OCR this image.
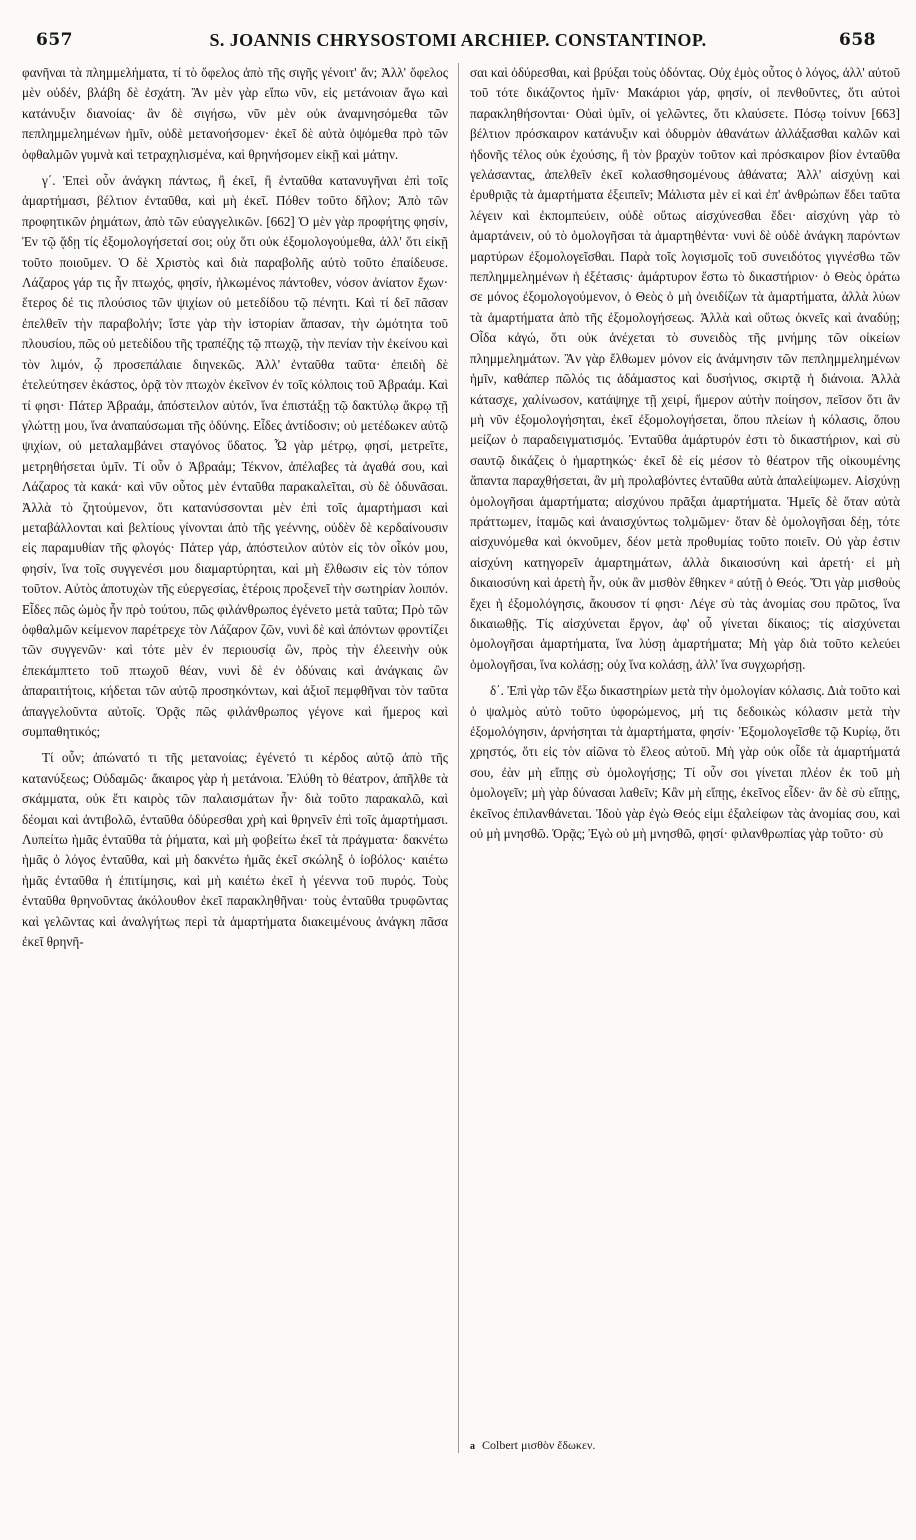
657	S. JOANNIS CHRYSOSTOMI ARCHIEP. CONSTANTINOP.	658

φανῆναι τὰ πλημμελήματα, τί τὸ ὄφελος ἀπὸ τῆς σιγῆς γένοιτ' ἄν; Ἀλλ' ὄφελος μὲν οὐδέν, βλάβη δὲ ἐσχάτη. Ἂν μὲν γὰρ εἴπω νῦν, εἰς μετάνοιαν ἄγω καὶ κατάνυξιν διανοίας· ἂν δὲ σιγήσω, νῦν μὲν οὐκ ἀναμνησόμεθα τῶν πεπλημμελημένων ἡμῖν, οὐδὲ μετανοήσομεν· ἐκεῖ δὲ αὐτὰ ὀψόμεθα πρὸ τῶν ὀφθαλμῶν γυμνὰ καὶ τετραχηλισμένα, καὶ θρηνήσομεν εἰκῇ καὶ μάτην.

γ΄. Ἐπεὶ οὖν ἀνάγκη πάντως, ἢ ἐκεῖ, ἢ ἐνταῦθα κατανυγῆναι ἐπὶ τοῖς ἁμαρτήμασι, βέλτιον ἐνταῦθα, καὶ μὴ ἐκεῖ. Πόθεν τοῦτο δῆλον; Ἀπὸ τῶν προφητικῶν ῥημάτων, ἀπὸ τῶν εὐαγγελικῶν. [662] Ὁ μὲν γὰρ προφήτης φησίν, Ἐν τῷ ᾅδῃ τίς ἐξομολογήσεταί σοι; οὐχ ὅτι οὐκ ἐξομολογούμεθα, ἀλλ' ὅτι εἰκῇ τοῦτο ποιοῦμεν. Ὁ δὲ Χριστὸς καὶ διὰ παραβολῆς αὐτὸ τοῦτο ἐπαίδευσε. Λάζαρος γάρ τις ἦν πτωχός, φησίν, ἡλκωμένος πάντοθεν, νόσον ἀνίατον ἔχων· ἕτερος δέ τις πλούσιος τῶν ψιχίων οὐ μετεδίδου τῷ πένητι. Καὶ τί δεῖ πᾶσαν ἐπελθεῖν τὴν παραβολήν; ἴστε γὰρ τὴν ἱστορίαν ἅπασαν, τὴν ὠμότητα τοῦ πλουσίου, πῶς οὐ μετεδίδου τῆς τραπέζης τῷ πτωχῷ, τὴν πενίαν τὴν ἐκείνου καὶ τὸν λιμόν, ᾧ προσεπάλαιε διηνεκῶς. Ἀλλ' ἐνταῦθα ταῦτα· ἐπειδὴ δὲ ἐτελεύτησεν ἑκάστος, ὁρᾷ τὸν πτωχὸν ἐκεῖνον ἐν τοῖς κόλποις τοῦ Ἀβραάμ. Καὶ τί φησι· Πάτερ Ἀβραάμ, ἀπόστειλον αὐτόν, ἵνα ἐπιστάξῃ τῷ δακτύλῳ ἄκρῳ τῇ γλώττῃ μου, ἵνα ἀναπαύσωμαι τῆς ὀδύνης. Εἶδες ἀντίδοσιν; οὐ μετέδωκεν αὐτῷ ψιχίων, οὐ μεταλαμβάνει σταγόνος ὕδατος. Ὧ γὰρ μέτρῳ, φησί, μετρεῖτε, μετρηθήσεται ὑμῖν. Τί οὖν ὁ Ἀβραάμ; Τέκνον, ἀπέλαβες τὰ ἀγαθά σου, καὶ Λάζαρος τὰ κακά· καὶ νῦν οὗτος μὲν ἐνταῦθα παρακαλεῖται, σὺ δὲ ὀδυνᾶσαι. Ἀλλὰ τὸ ζητούμενον, ὅτι κατανύσσονται μὲν ἐπὶ τοῖς ἁμαρτήμασι καὶ μεταβάλλονται καὶ βελτίους γίνονται ἀπὸ τῆς γεέννης, οὐδὲν δὲ κερδαίνουσιν εἰς παραμυθίαν τῆς φλογός· Πάτερ γάρ, ἀπόστειλον αὐτὸν εἰς τὸν οἶκόν μου, φησίν, ἵνα τοῖς συγγενέσι μου διαμαρτύρηται, καὶ μὴ ἔλθωσιν εἰς τὸν τόπον τοῦτον. Αὐτὸς ἀποτυχὼν τῆς εὐεργεσίας, ἑτέροις προξενεῖ τὴν σωτηρίαν λοιπόν. Εἶδες πῶς ὠμὸς ἦν πρὸ τούτου, πῶς φιλάνθρωπος ἐγένετο μετὰ ταῦτα; Πρὸ τῶν ὀφθαλμῶν κείμενον παρέτρεχε τὸν Λάζαρον ζῶν, νυνὶ δὲ καὶ ἀπόντων φροντίζει τῶν συγγενῶν· καὶ τότε μὲν ἐν περιουσίᾳ ὢν, πρὸς τὴν ἐλεεινὴν οὐκ ἐπεκάμπτετο τοῦ πτωχοῦ θέαν, νυνὶ δὲ ἐν ὀδύναις καὶ ἀνάγκαις ὢν ἀπαραιτήτοις, κήδεται τῶν αὐτῷ προσηκόντων, καὶ ἀξιοῖ πεμφθῆναι τὸν ταῦτα ἀπαγγελοῦντα αὐτοῖς. Ὁρᾷς πῶς φιλάνθρωπος γέγονε καὶ ἥμερος καὶ συμπαθητικός;

Τί οὖν; ἀπώνατό τι τῆς μετανοίας; ἐγένετό τι κέρδος αὐτῷ ἀπὸ τῆς κατανύξεως; Οὐδαμῶς· ἄκαιρος γὰρ ἡ μετάνοια. Ἐλύθη τὸ θέατρον, ἀπῆλθε τὰ σκάμματα, οὐκ ἔτι καιρὸς τῶν παλαισμάτων ἦν· διὰ τοῦτο παρακαλῶ, καὶ δέομαι καὶ ἀντιβολῶ, ἐνταῦθα ὀδύρεσθαι χρὴ καὶ θρηνεῖν ἐπὶ τοῖς ἁμαρτήμασι. Λυπείτω ἡμᾶς ἐνταῦθα τὰ ῥήματα, καὶ μὴ φοβείτω ἐκεῖ τὰ πράγματα· δακνέτω ἡμᾶς ὁ λόγος ἐνταῦθα, καὶ μὴ δακνέτω ἡμᾶς ἐκεῖ σκώληξ ὁ ἰοβόλος· καιέτω ἡμᾶς ἐνταῦθα ἡ ἐπιτίμησις, καὶ μὴ καιέτω ἐκεῖ ἡ γέεννα τοῦ πυρός. Τοὺς ἐνταῦθα θρηνοῦντας ἀκόλουθον ἐκεῖ παρακληθῆναι· τοὺς ἐνταῦθα τρυφῶντας καὶ γελῶντας καὶ ἀναλγήτως περὶ τὰ ἁμαρτήματα διακειμένους ἀνάγκη πᾶσα ἐκεῖ θρηνῆ-

σαι καὶ ὀδύρεσθαι, καὶ βρύξαι τοὺς ὀδόντας. Οὐχ ἐμὸς οὗτος ὁ λόγος, ἀλλ' αὐτοῦ τοῦ τότε δικάζοντος ἡμῖν· Μακάριοι γάρ, φησίν, οἱ πενθοῦντες, ὅτι αὐτοὶ παρακληθήσονται· Οὐαὶ ὑμῖν, οἱ γελῶντες, ὅτι κλαύσετε. Πόσῳ τοίνυν [663] βέλτιον πρόσκαιρον κατάνυξιν καὶ ὀδυρμὸν ἀθανάτων ἀλλάξασθαι καλῶν καὶ ἡδονῆς τέλος οὐκ ἐχούσης, ἢ τὸν βραχὺν τοῦτον καὶ πρόσκαιρον βίον ἐνταῦθα γελάσαντας, ἀπελθεῖν ἐκεῖ κολασθησομένους ἀθάνατα; Ἀλλ' αἰσχύνῃ καὶ ἐρυθριᾷς τὰ ἁμαρτήματα ἐξειπεῖν; Μάλιστα μὲν εἰ καὶ ἐπ' ἀνθρώπων ἔδει ταῦτα λέγειν καὶ ἐκπομπεύειν, οὐδὲ οὕτως αἰσχύνεσθαι ἔδει· αἰσχύνη γὰρ τὸ ἁμαρτάνειν, οὐ τὸ ὁμολογῆσαι τὰ ἁμαρτηθέντα· νυνὶ δὲ οὐδὲ ἀνάγκη παρόντων μαρτύρων ἐξομολογεῖσθαι. Παρὰ τοῖς λογισμοῖς τοῦ συνειδότος γιγνέσθω τῶν πεπλημμελημένων ἡ ἐξέτασις· ἀμάρτυρον ἔστω τὸ δικαστήριον· ὁ Θεὸς ὁράτω σε μόνος ἐξομολογούμενον, ὁ Θεὸς ὁ μὴ ὀνειδίζων τὰ ἁμαρτήματα, ἀλλὰ λύων τὰ ἁμαρτήματα ἀπὸ τῆς ἐξομολογήσεως. Ἀλλὰ καὶ οὕτως ὀκνεῖς καὶ ἀναδύῃ; Οἶδα κἀγώ, ὅτι οὐκ ἀνέχεται τὸ συνειδὸς τῆς μνήμης τῶν οἰκείων πλημμελημάτων. Ἂν γὰρ ἔλθωμεν μόνον εἰς ἀνάμνησιν τῶν πεπλημμελημένων ἡμῖν, καθάπερ πῶλός τις ἀδάμαστος καὶ δυσήνιος, σκιρτᾷ ἡ διάνοια. Ἀλλὰ κάτασχε, χαλίνωσον, κατάψηχε τῇ χειρί, ἥμερον αὐτὴν ποίησον, πεῖσον ὅτι ἂν μὴ νῦν ἐξομολογήσηται, ἐκεῖ ἐξομολογήσεται, ὅπου πλείων ἡ κόλασις, ὅπου μείζων ὁ παραδειγματισμός. Ἐνταῦθα ἀμάρτυρόν ἐστι τὸ δικαστήριον, καὶ σὺ σαυτῷ δικάζεις ὁ ἡμαρτηκώς· ἐκεῖ δὲ εἰς μέσον τὸ θέατρον τῆς οἰκουμένης ἅπαντα παραχθήσεται, ἂν μὴ προλαβόντες ἐνταῦθα αὐτὰ ἀπαλείψωμεν. Αἰσχύνῃ ὁμολογῆσαι ἁμαρτήματα; αἰσχύνου πρᾶξαι ἁμαρτήματα. Ἡμεῖς δὲ ὅταν αὐτὰ πράττωμεν, ἰταμῶς καὶ ἀναισχύντως τολμῶμεν· ὅταν δὲ ὁμολογῆσαι δέῃ, τότε αἰσχυνόμεθα καὶ ὀκνοῦμεν, δέον μετὰ προθυμίας τοῦτο ποιεῖν. Οὐ γὰρ ἐστιν αἰσχύνη κατηγορεῖν ἁμαρτημάτων, ἀλλὰ δικαιοσύνη καὶ ἀρετή· εἰ μὴ δικαιοσύνη καὶ ἀρετὴ ἦν, οὐκ ἂν μισθὸν ἔθηκεν ᵃ αὐτῇ ὁ Θεός. Ὅτι γὰρ μισθοὺς ἔχει ἡ ἐξομολόγησις, ἄκουσον τί φησι· Λέγε σὺ τὰς ἀνομίας σου πρῶτος, ἵνα δικαιωθῇς. Τίς αἰσχύνεται ἔργον, ἀφ' οὗ γίνεται δίκαιος; τίς αἰσχύνεται ὁμολογῆσαι ἁμαρτήματα, ἵνα λύσῃ ἁμαρτήματα; Μὴ γὰρ διὰ τοῦτο κελεύει ὁμολογῆσαι, ἵνα κολάσῃ; οὐχ ἵνα κολάσῃ, ἀλλ' ἵνα συγχωρήσῃ.

δ΄. Ἐπὶ γὰρ τῶν ἔξω δικαστηρίων μετὰ τὴν ὁμολογίαν κόλασις. Διὰ τοῦτο καὶ ὁ ψαλμὸς αὐτὸ τοῦτο ὑφορώμενος, μή τις δεδοικὼς κόλασιν μετὰ τὴν ἐξομολόγησιν, ἀρνήσηται τὰ ἁμαρτήματα, φησίν· Ἐξομολογεῖσθε τῷ Κυρίῳ, ὅτι χρηστός, ὅτι εἰς τὸν αἰῶνα τὸ ἔλεος αὐτοῦ. Μὴ γὰρ οὐκ οἶδε τὰ ἁμαρτήματά σου, ἐὰν μὴ εἴπῃς σὺ ὁμολογήσῃς; Τί οὖν σοι γίνεται πλέον ἐκ τοῦ μὴ ὁμολογεῖν; μὴ γὰρ δύνασαι λαθεῖν; Κἂν μὴ εἴπῃς, ἐκεῖνος εἶδεν· ἂν δὲ σὺ εἴπῃς, ἐκεῖνος ἐπιλανθάνεται. Ἰδοὺ γὰρ ἐγὼ Θεός εἰμι ἐξαλείφων τὰς ἀνομίας σου, καὶ οὐ μὴ μνησθῶ. Ὁρᾷς; Ἐγὼ οὐ μὴ μνησθῶ, φησί· φιλανθρωπίας γὰρ τοῦτο· σὺ

a Colbert μισθὸν ἔδωκεν.
